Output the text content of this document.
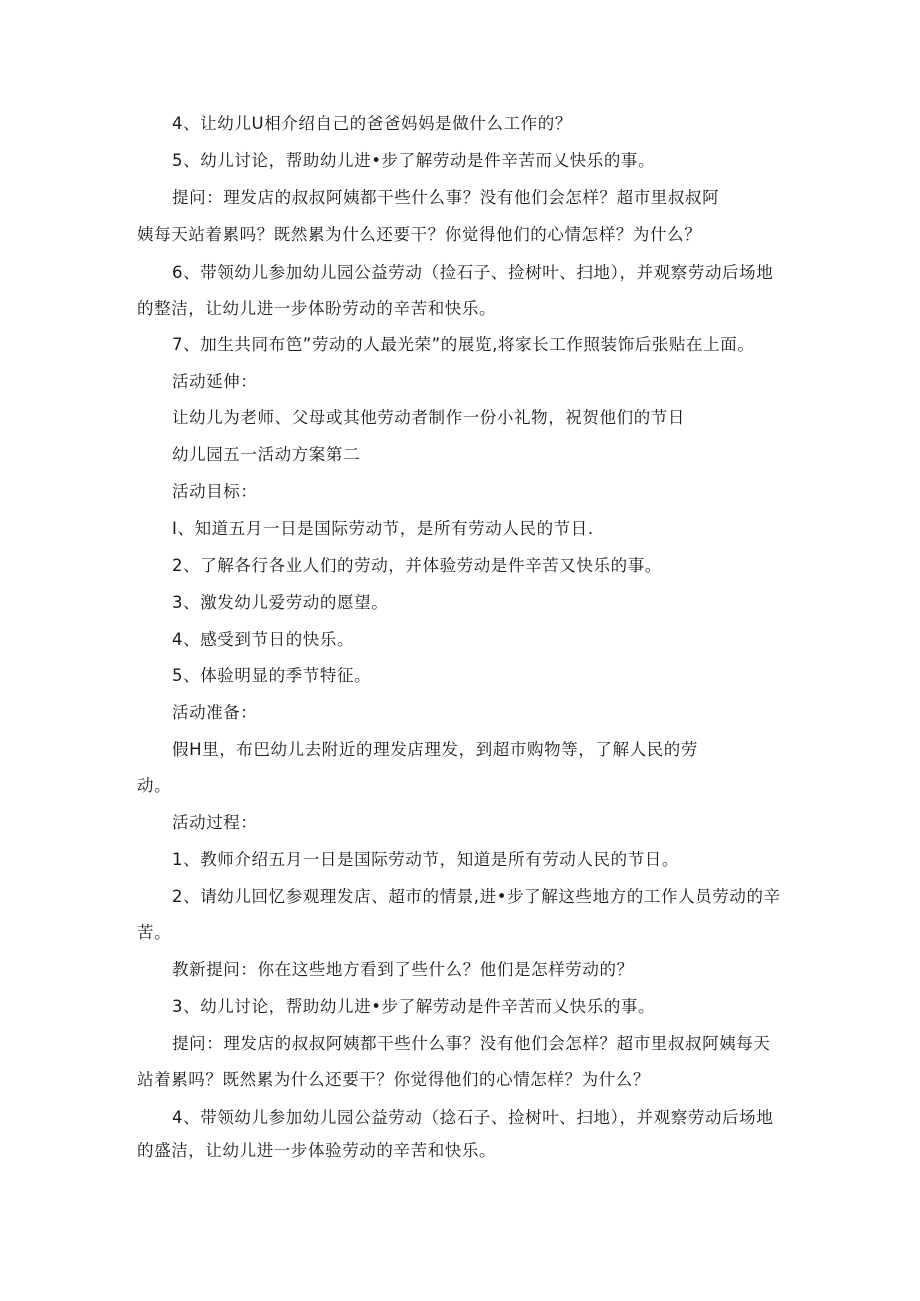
4、让幼儿U相介绍自己的爸爸妈妈是做什么工作的？
5、幼儿讨论，帮助幼儿进•步了解劳动是件辛苦而乂快乐的事。
提问：理发店的叔叔阿姨都干些什么事？没有他们会怎样？超市里叔叔阿
姨每天站着累吗？既然累为什么还要干？你觉得他们的心情怎样？为什么？
6、带领幼儿参加幼儿园公益劳动（捡石子、捡树叶、扫地），并观察劳动后场地
的整洁，让幼儿进一步体盼劳动的辛苦和快乐。
7、加生共同布笆”劳动的人最光荣”的展览,将家长工作照装饰后张贴在上面。
活动延伸：
让幼儿为老师、父母或其他劳动者制作一份小礼物，祝贺他们的节日
幼儿园五一活动方案第二
活动目标：
I、知道五月一日是国际劳动节，是所有劳动人民的节日.
2、了解各行各业人们的劳动，并体验劳动是件辛苦又快乐的事。
3、激发幼儿爱劳动的愿望。
4、感受到节日的快乐。
5、体验明显的季节特征。
活动准备：
假H里，布巴幼儿去附近的理发店理发，到超市购物等，了解人民的劳
动。
活动过程：
1、教师介绍五月一日是国际劳动节，知道是所有劳动人民的节日。
2、请幼儿回忆参观理发店、超市的情景,进•步了解这些地方的工作人员劳动的辛
苦。
教新提问：你在这些地方看到了些什么？他们是怎样劳动的？
3、幼儿讨论，帮助幼儿进•步了解劳动是件辛苦而乂快乐的事。
提问：理发店的叔叔阿姨都干些什么事？没有他们会怎样？超市里叔叔阿姨每天
站着累吗？既然累为什么还要干？你觉得他们的心情怎样？为什么？
4、带领幼儿参加幼儿园公益劳动（捻石子、捡树叶、扫地），并观察劳动后场地
的盛洁，让幼儿进一步体验劳动的辛苦和快乐。
